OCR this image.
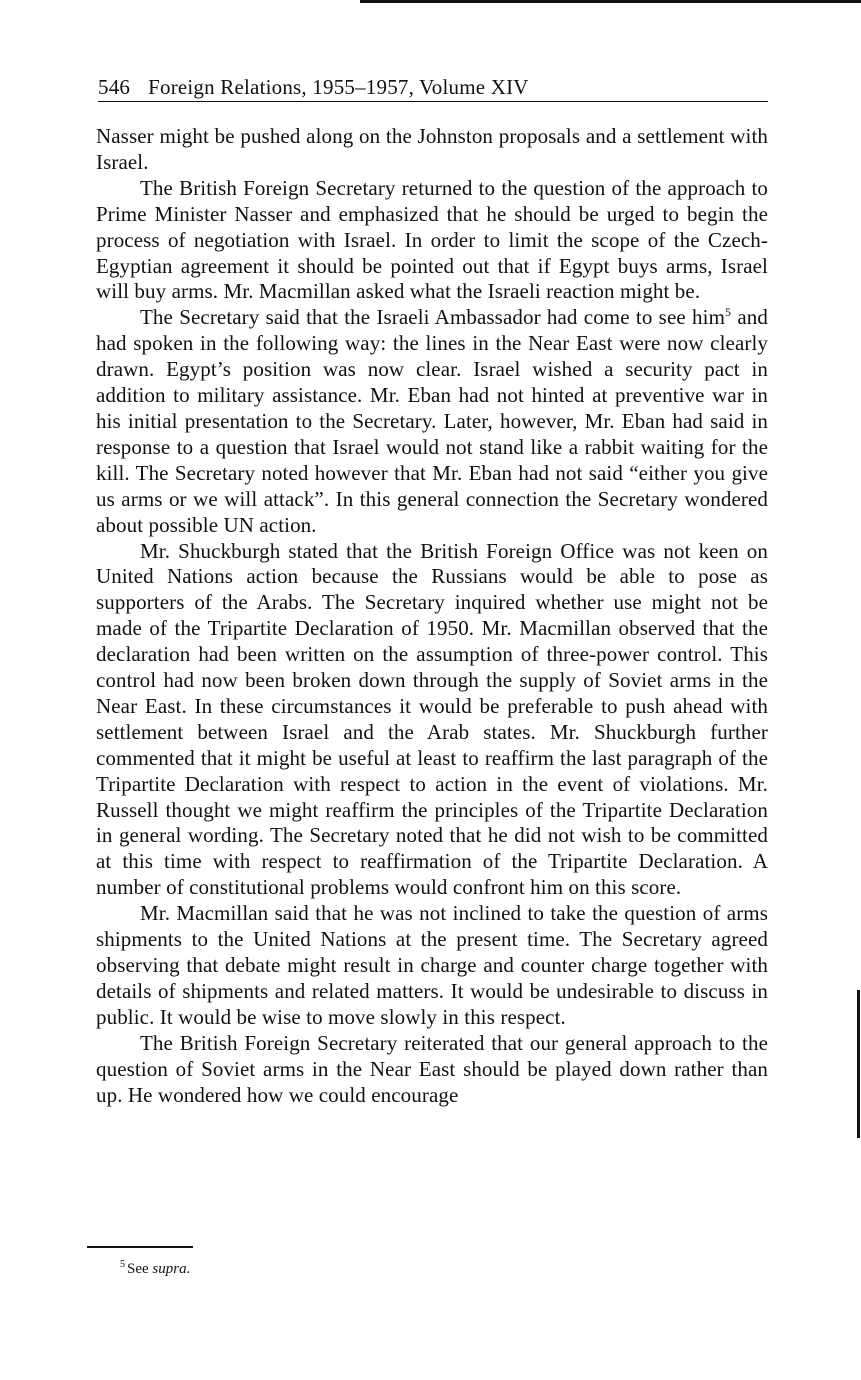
546 Foreign Relations, 1955–1957, Volume XIV

Nasser might be pushed along on the Johnston proposals and a settlement with Israel.

The British Foreign Secretary returned to the question of the approach to Prime Minister Nasser and emphasized that he should be urged to begin the process of negotiation with Israel. In order to limit the scope of the Czech-Egyptian agreement it should be pointed out that if Egypt buys arms, Israel will buy arms. Mr. Macmillan asked what the Israeli reaction might be.

The Secretary said that the Israeli Ambassador had come to see him$^5$ and had spoken in the following way: the lines in the Near East were now clearly drawn. Egypt’s position was now clear. Israel wished a security pact in addition to military assistance. Mr. Eban had not hinted at preventive war in his initial presentation to the Secretary. Later, however, Mr. Eban had said in response to a question that Israel would not stand like a rabbit waiting for the kill. The Secretary noted however that Mr. Eban had not said “either you give us arms or we will attack”. In this general connection the Secretary wondered about possible UN action.

Mr. Shuckburgh stated that the British Foreign Office was not keen on United Nations action because the Russians would be able to pose as supporters of the Arabs. The Secretary inquired whether use might not be made of the Tripartite Declaration of 1950. Mr. Macmillan observed that the declaration had been written on the assumption of three-power control. This control had now been broken down through the supply of Soviet arms in the Near East. In these circumstances it would be preferable to push ahead with settlement between Israel and the Arab states. Mr. Shuckburgh further commented that it might be useful at least to reaffirm the last paragraph of the Tripartite Declaration with respect to action in the event of violations. Mr. Russell thought we might reaffirm the principles of the Tripartite Declaration in general wording. The Secretary noted that he did not wish to be committed at this time with respect to reaffirmation of the Tripartite Declaration. A number of constitutional problems would confront him on this score.

Mr. Macmillan said that he was not inclined to take the question of arms shipments to the United Nations at the present time. The Secretary agreed observing that debate might result in charge and counter charge together with details of shipments and related matters. It would be undesirable to discuss in public. It would be wise to move slowly in this respect.

The British Foreign Secretary reiterated that our general approach to the question of Soviet arms in the Near East should be played down rather than up. He wondered how we could encourage

$^5$ See supra.
